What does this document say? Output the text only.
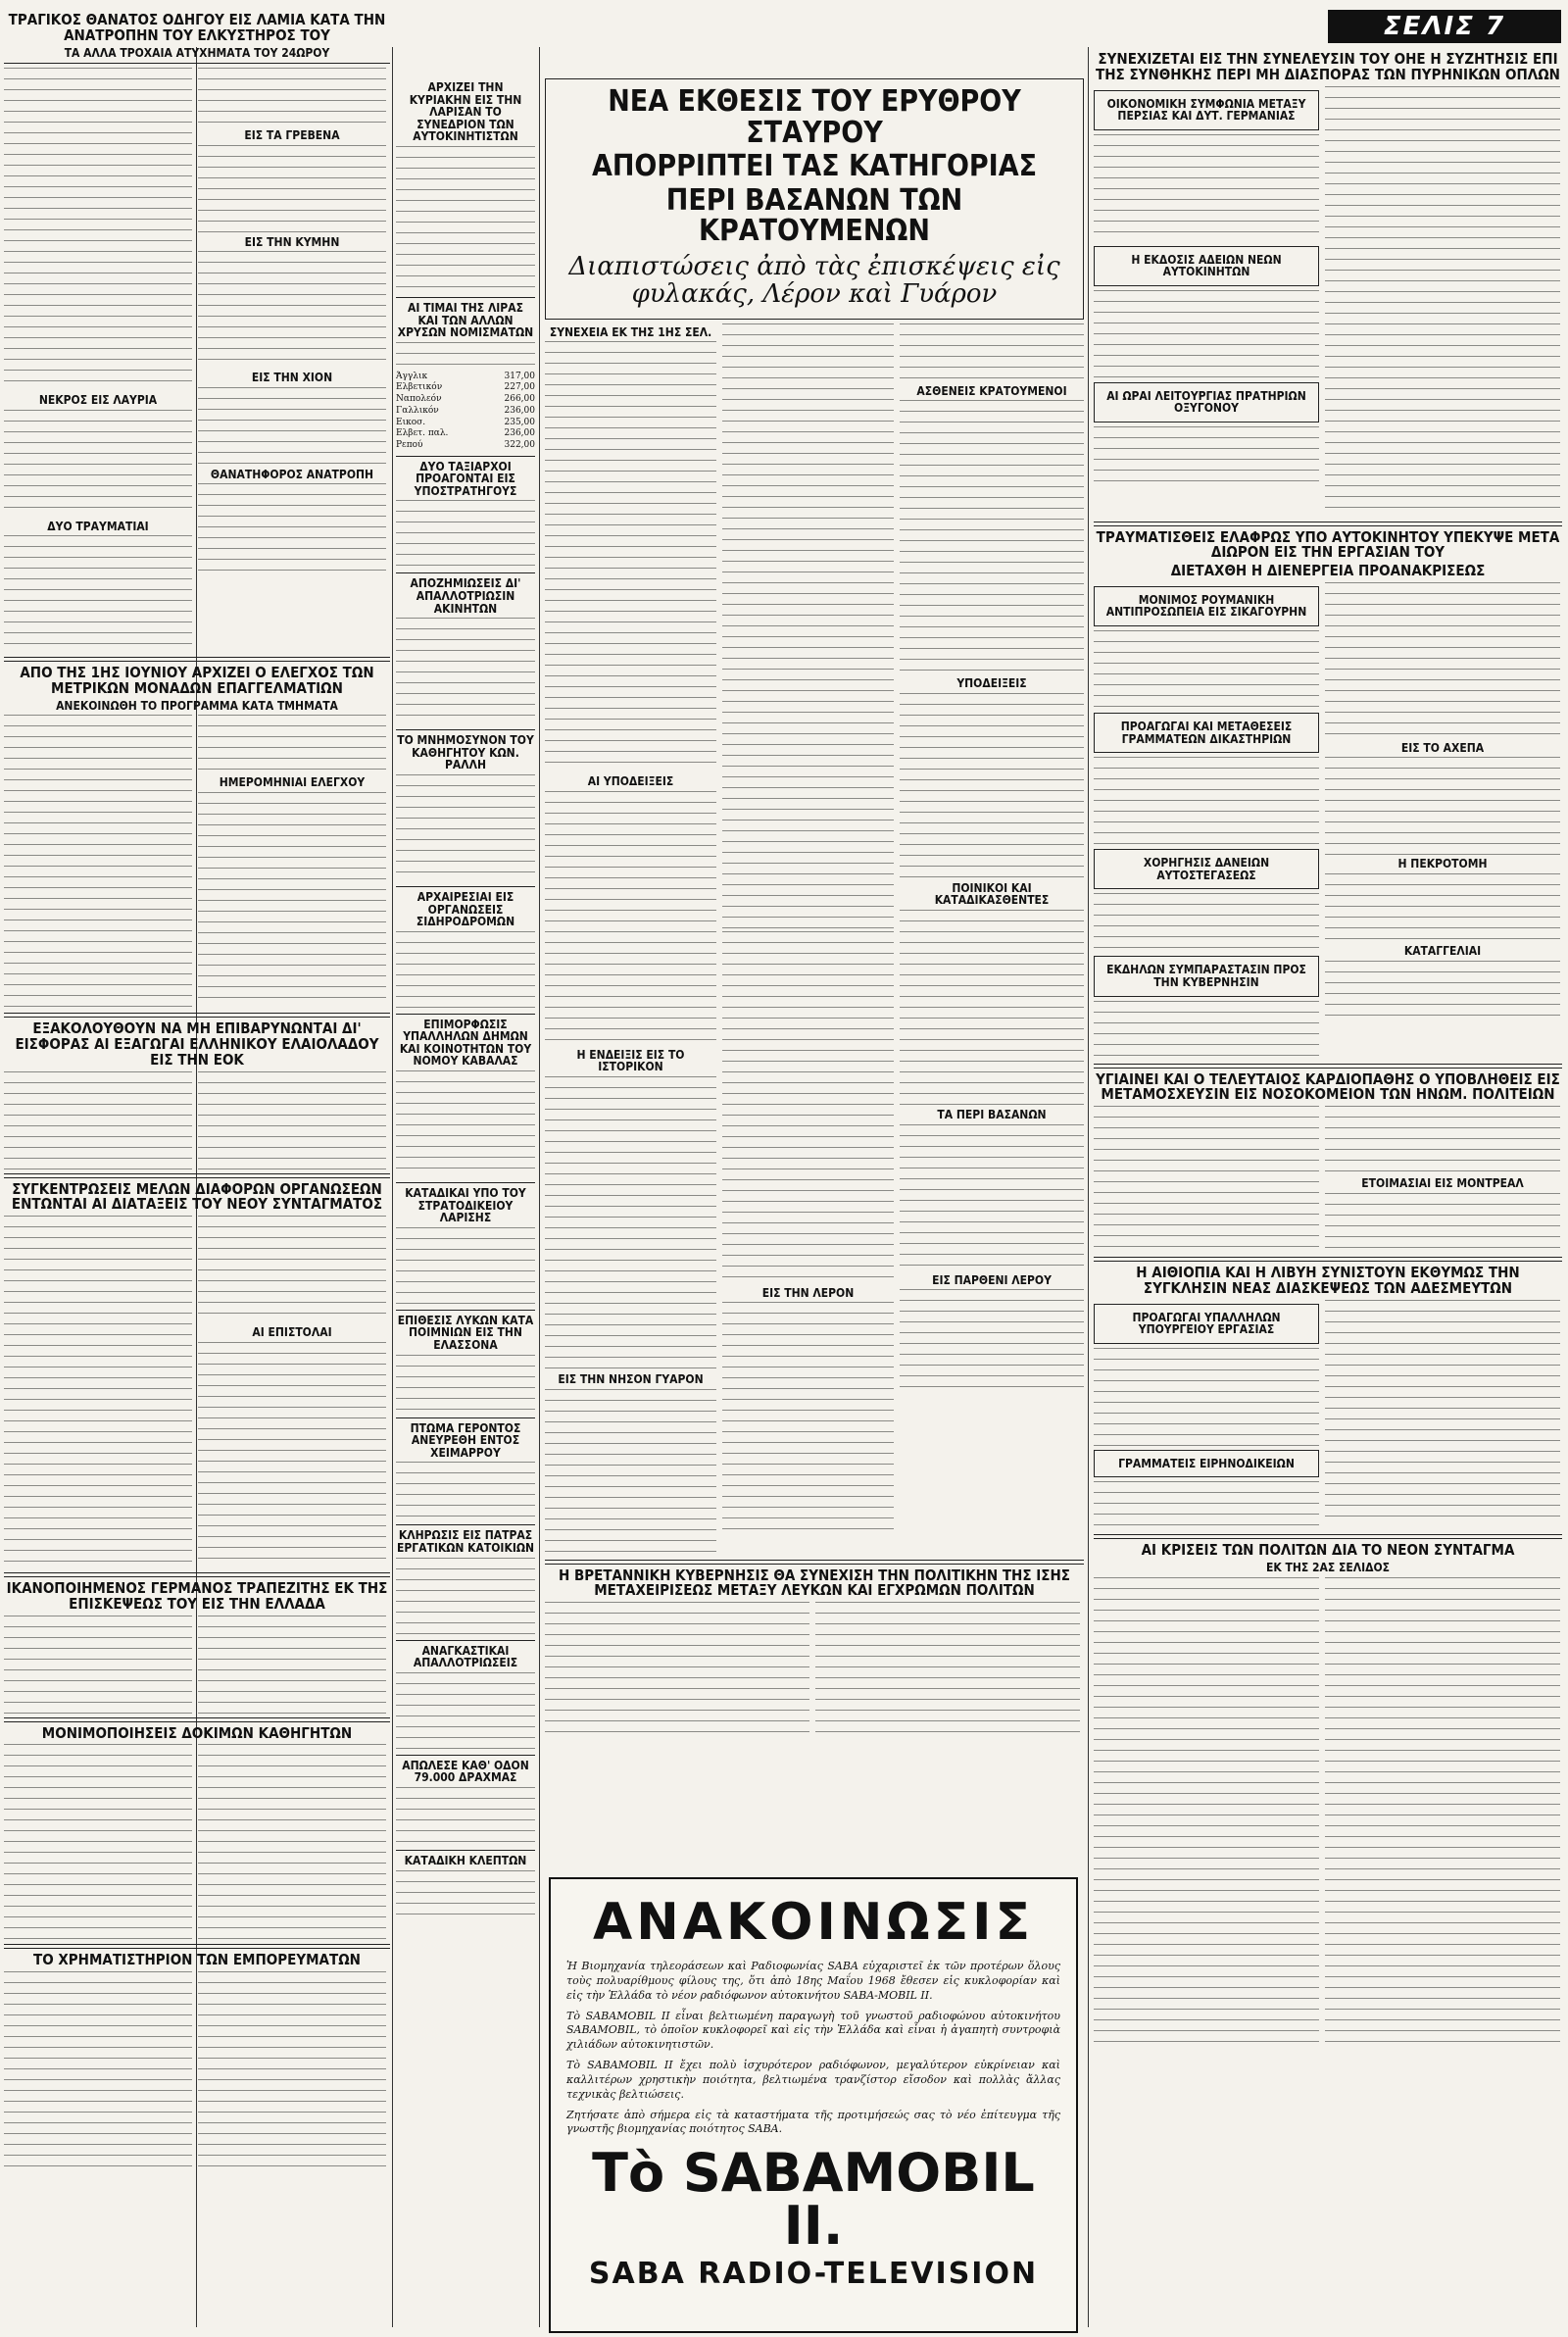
ΣΕΛΙΣ 7
ΤΡΑΓΙΚΟΣ ΘΑΝΑΤΟΣ ΟΔΗΓΟΥ ΕΙΣ ΛΑΜΙΑ ΚΑΤΑ ΤΗΝ ΑΝΑΤΡΟΠΗΝ ΤΟΥ ΕΛΚΥΣΤΗΡΟΣ ΤΟΥ
ΤΑ ΑΛΛΑ ΤΡΟΧΑΙΑ ΑΤΥΧΗΜΑΤΑ ΤΟΥ 24ΩΡΟΥ
ΝΕΚΡΟΣ ΕΙΣ ΛΑΥΡΙΑ
ΔΥΟ ΤΡΑΥΜΑΤΙΑΙ
ΕΙΣ ΤΑ ΓΡΕΒΕΝΑ
ΕΙΣ ΤΗΝ ΚΥΜΗΝ
ΕΙΣ ΤΗΝ ΧΙΟΝ
ΘΑΝΑΤΗΦΟΡΟΣ ΑΝΑΤΡΟΠΗ
ΑΠΟ ΤΗΣ 1ΗΣ ΙΟΥΝΙΟΥ ΑΡΧΙΖΕΙ Ο ΕΛΕΓΧΟΣ ΤΩΝ ΜΕΤΡΙΚΩΝ ΜΟΝΑΔΩΝ ΕΠΑΓΓΕΛΜΑΤΙΩΝ
ΑΝΕΚΟΙΝΩΘΗ ΤΟ ΠΡΟΓΡΑΜΜΑ ΚΑΤΑ ΤΜΗΜΑΤΑ
ΗΜΕΡΟΜΗΝΙΑΙ ΕΛΕΓΧΟΥ
ΕΞΑΚΟΛΟΥΘΟΥΝ ΝΑ ΜΗ ΕΠΙΒΑΡΥΝΩΝΤΑΙ ΔΙ' ΕΙΣΦΟΡΑΣ ΑΙ ΕΞΑΓΩΓΑΙ ΕΛΛΗΝΙΚΟΥ ΕΛΑΙΟΛΑΔΟΥ ΕΙΣ ΤΗΝ ΕΟΚ
ΣΥΓΚΕΝΤΡΩΣΕΙΣ ΜΕΛΩΝ ΔΙΑΦΟΡΩΝ ΟΡΓΑΝΩΣΕΩΝ ΕΝΤΩΝΤΑΙ ΑΙ ΔΙΑΤΑΞΕΙΣ ΤΟΥ ΝΕΟΥ ΣΥΝΤΑΓΜΑΤΟΣ
ΑΙ ΕΠΙΣΤΟΛΑΙ
ΙΚΑΝΟΠΟΙΗΜΕΝΟΣ ΓΕΡΜΑΝΟΣ ΤΡΑΠΕΖΙΤΗΣ ΕΚ ΤΗΣ ΕΠΙΣΚΕΨΕΩΣ ΤΟΥ ΕΙΣ ΤΗΝ ΕΛΛΑΔΑ
ΜΟΝΙΜΟΠΟΙΗΣΕΙΣ ΔΟΚΙΜΩΝ ΚΑΘΗΓΗΤΩΝ
ΤΟ ΧΡΗΜΑΤΙΣΤΗΡΙΟΝ ΤΩΝ ΕΜΠΟΡΕΥΜΑΤΩΝ
ΑΡΧΙΖΕΙ ΤΗΝ ΚΥΡΙΑΚΗΝ ΕΙΣ ΤΗΝ ΛΑΡΙΣΑΝ ΤΟ ΣΥΝΕΔΡΙΟΝ ΤΩΝ ΑΥΤΟΚΙΝΗΤΙΣΤΩΝ
ΑΙ ΤΙΜΑΙ ΤΗΣ ΛΙΡΑΣ ΚΑΙ ΤΩΝ ΑΛΛΩΝ ΧΡΥΣΩΝ ΝΟΜΙΣΜΑΤΩΝ
Άγγλικ	317,00
Ελβετικόν	227,00
Ναπολεόν	266,00
Γαλλικόν	236,00
Εικοσ.	235,00
Ελβετ. παλ.	236,00
Ρεπού	322,00
ΔΥΟ ΤΑΞΙΑΡΧΟΙ ΠΡΟΑΓΟΝΤΑΙ ΕΙΣ ΥΠΟΣΤΡΑΤΗΓΟΥΣ
ΑΠΟΖΗΜΙΩΣΕΙΣ ΔΙ' ΑΠΑΛΛΟΤΡΙΩΣΙΝ ΑΚΙΝΗΤΩΝ
ΤΟ ΜΝΗΜΟΣΥΝΟΝ ΤΟΥ ΚΑΘΗΓΗΤΟΥ ΚΩΝ. ΡΑΛΛΗ
ΑΡΧΑΙΡΕΣΙΑΙ ΕΙΣ ΟΡΓΑΝΩΣΕΙΣ ΣΙΔΗΡΟΔΡΟΜΩΝ
ΕΠΙΜΟΡΦΩΣΙΣ ΥΠΑΛΛΗΛΩΝ ΔΗΜΩΝ ΚΑΙ ΚΟΙΝΟΤΗΤΩΝ ΤΟΥ ΝΟΜΟΥ ΚΑΒΑΛΑΣ
ΚΑΤΑΔΙΚΑΙ ΥΠΟ ΤΟΥ ΣΤΡΑΤΟΔΙΚΕΙΟΥ ΛΑΡΙΣΗΣ
ΕΠΙΘΕΣΙΣ ΛΥΚΩΝ ΚΑΤΑ ΠΟΙΜΝΙΩΝ ΕΙΣ ΤΗΝ ΕΛΑΣΣΟΝΑ
ΠΤΩΜΑ ΓΕΡΟΝΤΟΣ ΑΝΕΥΡΕΘΗ ΕΝΤΟΣ ΧΕΙΜΑΡΡΟΥ
ΚΛΗΡΩΣΙΣ ΕΙΣ ΠΑΤΡΑΣ ΕΡΓΑΤΙΚΩΝ ΚΑΤΟΙΚΙΩΝ
ΑΝΑΓΚΑΣΤΙΚΑΙ ΑΠΑΛΛΟΤΡΙΩΣΕΙΣ
ΑΠΩΛΕΣΕ ΚΑΘ' ΟΔΟΝ 79.000 ΔΡΑΧΜΑΣ
ΚΑΤΑΔΙΚΗ ΚΛΕΠΤΩΝ
ΝΕΑ ΕΚΘΕΣΙΣ ΤΟΥ ΕΡΥΘΡΟΥ ΣΤΑΥΡΟΥ
ΑΠΟΡΡΙΠΤΕΙ ΤΑΣ ΚΑΤΗΓΟΡΙΑΣ
ΠΕΡΙ ΒΑΣΑΝΩΝ ΤΩΝ ΚΡΑΤΟΥΜΕΝΩΝ
Διαπιστώσεις ἀπὸ τὰς ἐπισκέψεις εἰς φυλακάς, Λέρον καὶ Γυάρον
ΣΥΝΕΧΕΙΑ ΕΚ ΤΗΣ 1ΗΣ ΣΕΛ.
ΑΙ ΥΠΟΔΕΙΞΕΙΣ
Η ΕΝΔΕΙΞΙΣ ΕΙΣ ΤΟ ΙΣΤΟΡΙΚΟΝ
ΕΙΣ ΤΗΝ ΝΗΣΟΝ ΓΥΑΡΟΝ
ΕΙΣ ΤΗΝ ΛΕΡΟΝ
ΑΣΘΕΝΕΙΣ ΚΡΑΤΟΥΜΕΝΟΙ
ΥΠΟΔΕΙΞΕΙΣ
ΠΟΙΝΙΚΟΙ ΚΑΙ ΚΑΤΑΔΙΚΑΣΘΕΝΤΕΣ
ΤΑ ΠΕΡΙ ΒΑΣΑΝΩΝ
ΕΙΣ ΠΑΡΘΕΝΙ ΛΕΡΟΥ
Η ΒΡΕΤΑΝΝΙΚΗ ΚΥΒΕΡΝΗΣΙΣ ΘΑ ΣΥΝΕΧΙΣΗ ΤΗΝ ΠΟΛΙΤΙΚΗΝ ΤΗΣ ΙΣΗΣ ΜΕΤΑΧΕΙΡΙΣΕΩΣ ΜΕΤΑΞΥ ΛΕΥΚΩΝ ΚΑΙ ΕΓΧΡΩΜΩΝ ΠΟΛΙΤΩΝ
ΑΝΑΚΟΙΝΩΣΙΣ

Ἡ Βιομηχανία τηλεοράσεων καὶ Ραδιοφωνίας SABA εὐχαριστεῖ ἐκ τῶν προτέρων ὅλους τοὺς πολυαρίθμους φίλους της, ὅτι ἀπὸ 18ης Μαΐου 1968 ἔθεσεν εἰς κυκλοφορίαν καὶ εἰς τὴν Ἑλλάδα τὸ νέον ραδιόφωνον αὐτοκινήτου SABA-MOBIL II.

Τὸ SABAMOBIL II εἶναι βελτιωμένη παραγωγὴ τοῦ γνωστοῦ ραδιοφώνου αὐτοκινήτου SABAMOBIL, τὸ ὁποῖον κυκλοφορεῖ καὶ εἰς τὴν Ἑλλάδα καὶ εἶναι ἡ ἀγαπητὴ συντροφιὰ χιλιάδων αὐτοκινητιστῶν.

Τὸ SABAMOBIL II ἔχει πολὺ ἰσχυρότερον ραδιόφωνον, μεγαλύτερον εὐκρίνειαν καὶ καλλιτέρων χρηστικὴν ποιότητα, βελτιωμένα τρανζίστορ εἴσοδον καὶ πολλὰς ἄλλας τεχνικὰς βελτιώσεις.

Ζητήσατε ἀπὸ σήμερα εἰς τὰ καταστήματα τῆς προτιμήσεώς σας τὸ νέο ἐπίτευγμα τῆς γνωστῆς βιομηχανίας ποιότητος SABA.

Τὸ SABAMOBIL II.
SABA RADIO-TELEVISION
ΣΥΝΕΧΙΖΕΤΑΙ ΕΙΣ ΤΗΝ ΣΥΝΕΛΕΥΣΙΝ ΤΟΥ ΟΗΕ Η ΣΥΖΗΤΗΣΙΣ ΕΠΙ ΤΗΣ ΣΥΝΘΗΚΗΣ ΠΕΡΙ ΜΗ ΔΙΑΣΠΟΡΑΣ ΤΩΝ ΠΥΡΗΝΙΚΩΝ ΟΠΛΩΝ
ΟΙΚΟΝΟΜΙΚΗ ΣΥΜΦΩΝΙΑ ΜΕΤΑΞΥ ΠΕΡΣΙΑΣ ΚΑΙ ΔΥΤ. ΓΕΡΜΑΝΙΑΣ
Η ΕΚΔΟΣΙΣ ΑΔΕΙΩΝ ΝΕΩΝ ΑΥΤΟΚΙΝΗΤΩΝ
ΑΙ ΩΡΑΙ ΛΕΙΤΟΥΡΓΙΑΣ ΠΡΑΤΗΡΙΩΝ ΟΞΥΓΟΝΟΥ
ΤΡΑΥΜΑΤΙΣΘΕΙΣ ΕΛΑΦΡΩΣ ΥΠΟ ΑΥΤΟΚΙΝΗΤΟΥ ΥΠΕΚΥΨΕ ΜΕΤΑ ΔΙΩΡΟΝ ΕΙΣ ΤΗΝ ΕΡΓΑΣΙΑΝ ΤΟΥ
ΔΙΕΤΑΧΘΗ Η ΔΙΕΝΕΡΓΕΙΑ ΠΡΟΑΝΑΚΡΙΣΕΩΣ
ΜΟΝΙΜΟΣ ΡΟΥΜΑΝΙΚΗ ΑΝΤΙΠΡΟΣΩΠΕΙΑ ΕΙΣ ΣΙΚΑΓΟΥΡΗΝ
ΠΡΟΑΓΩΓΑΙ ΚΑΙ ΜΕΤΑΘΕΣΕΙΣ ΓΡΑΜΜΑΤΕΩΝ ΔΙΚΑΣΤΗΡΙΩΝ
ΧΟΡΗΓΗΣΙΣ ΔΑΝΕΙΩΝ ΑΥΤΟΣΤΕΓΑΣΕΩΣ
ΕΚΔΗΛΩΝ ΣΥΜΠΑΡΑΣΤΑΣΙΝ ΠΡΟΣ ΤΗΝ ΚΥΒΕΡΝΗΣΙΝ
ΕΙΣ ΤΟ ΑΧΕΠΑ
Η ΠΕΚΡΟΤΟΜΗ
ΚΑΤΑΓΓΕΛΙΑΙ
ΥΓΙΑΙΝΕΙ ΚΑΙ Ο ΤΕΛΕΥΤΑΙΟΣ ΚΑΡΔΙΟΠΑΘΗΣ Ο ΥΠΟΒΛΗΘΕΙΣ ΕΙΣ ΜΕΤΑΜΟΣΧΕΥΣΙΝ ΕΙΣ ΝΟΣΟΚΟΜΕΙΟΝ ΤΩΝ ΗΝΩΜ. ΠΟΛΙΤΕΙΩΝ
ΕΤΟΙΜΑΣΙΑΙ ΕΙΣ ΜΟΝΤΡΕΑΛ
Η ΑΙΘΙΟΠΙΑ ΚΑΙ Η ΛΙΒΥΗ ΣΥΝΙΣΤΟΥΝ ΕΚΘΥΜΩΣ ΤΗΝ ΣΥΓΚΛΗΣΙΝ ΝΕΑΣ ΔΙΑΣΚΕΨΕΩΣ ΤΩΝ ΑΔΕΣΜΕΥΤΩΝ
ΠΡΟΑΓΩΓΑΙ ΥΠΑΛΛΗΛΩΝ ΥΠΟΥΡΓΕΙΟΥ ΕΡΓΑΣΙΑΣ
ΓΡΑΜΜΑΤΕΙΣ ΕΙΡΗΝΟΔΙΚΕΙΩΝ
ΑΙ ΚΡΙΣΕΙΣ ΤΩΝ ΠΟΛΙΤΩΝ ΔΙΑ ΤΟ ΝΕΟΝ ΣΥΝΤΑΓΜΑ
ΕΚ ΤΗΣ 2ΑΣ ΣΕΛΙΔΟΣ
